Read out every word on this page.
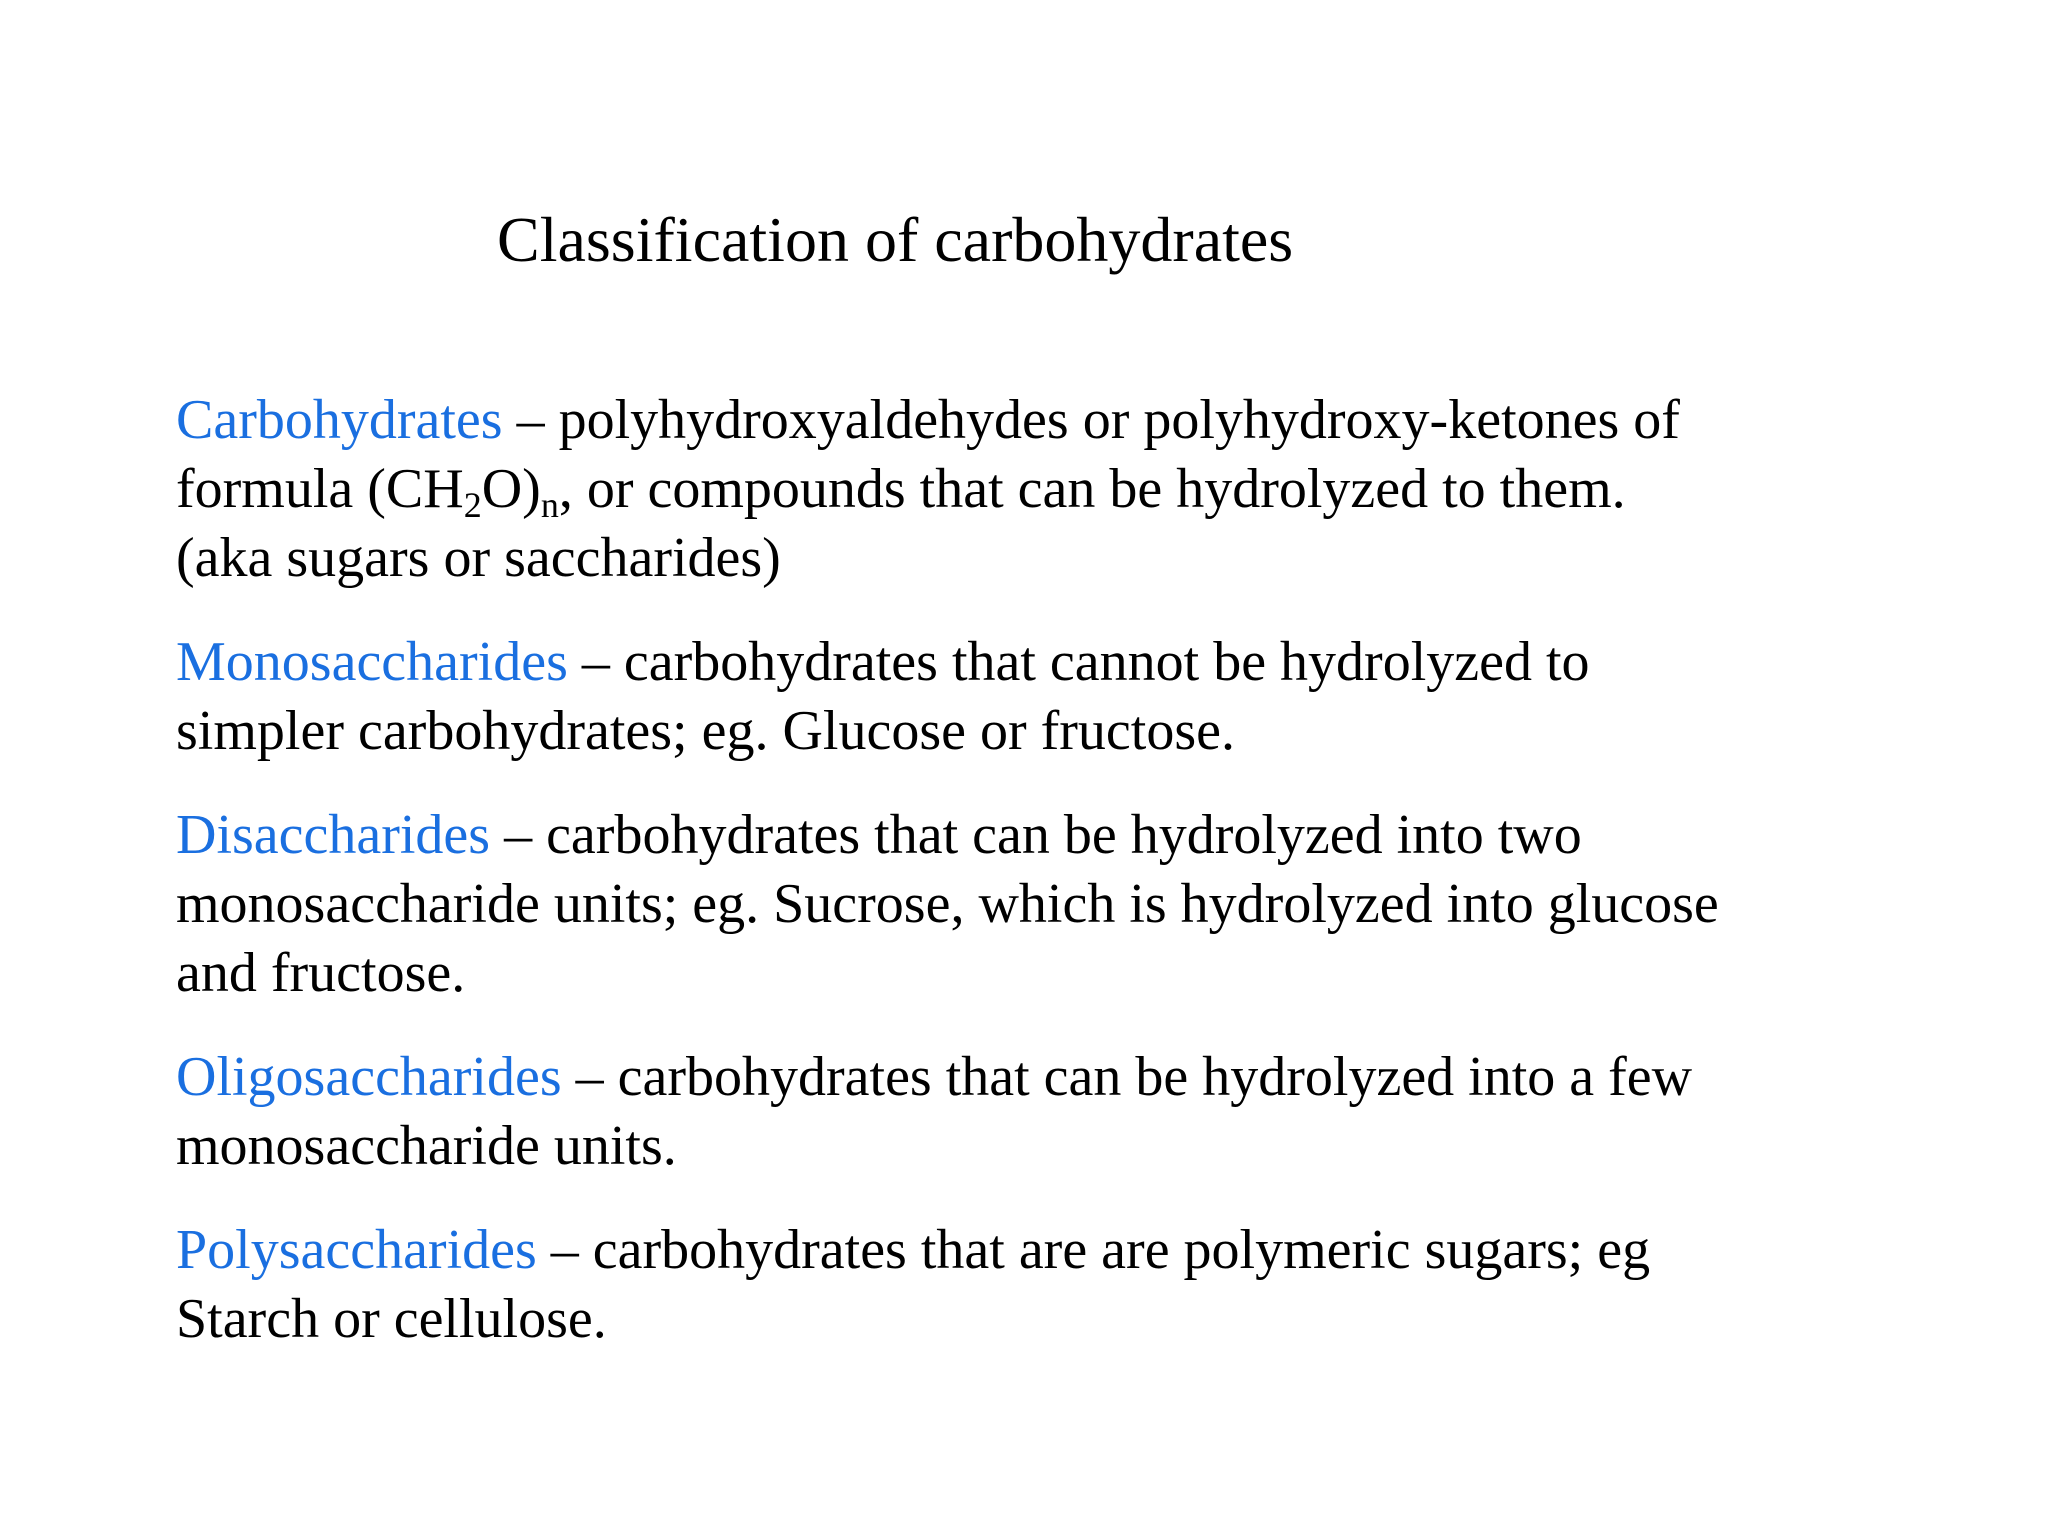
Classification of carbohydrates

Carbohydrates – polyhydroxyaldehydes or polyhydroxy-ketones of
formula $(CH_2O)_n$, or compounds that can be hydrolyzed to them.
(aka sugars or saccharides)

Monosaccharides – carbohydrates that cannot be hydrolyzed to
simpler carbohydrates; eg. Glucose or fructose.

Disaccharides – carbohydrates that can be hydrolyzed into two
monosaccharide units; eg. Sucrose, which is hydrolyzed into glucose
and fructose.

Oligosaccharides – carbohydrates that can be hydrolyzed into a few
monosaccharide units.

Polysaccharides – carbohydrates that are are polymeric sugars; eg
Starch or cellulose.
